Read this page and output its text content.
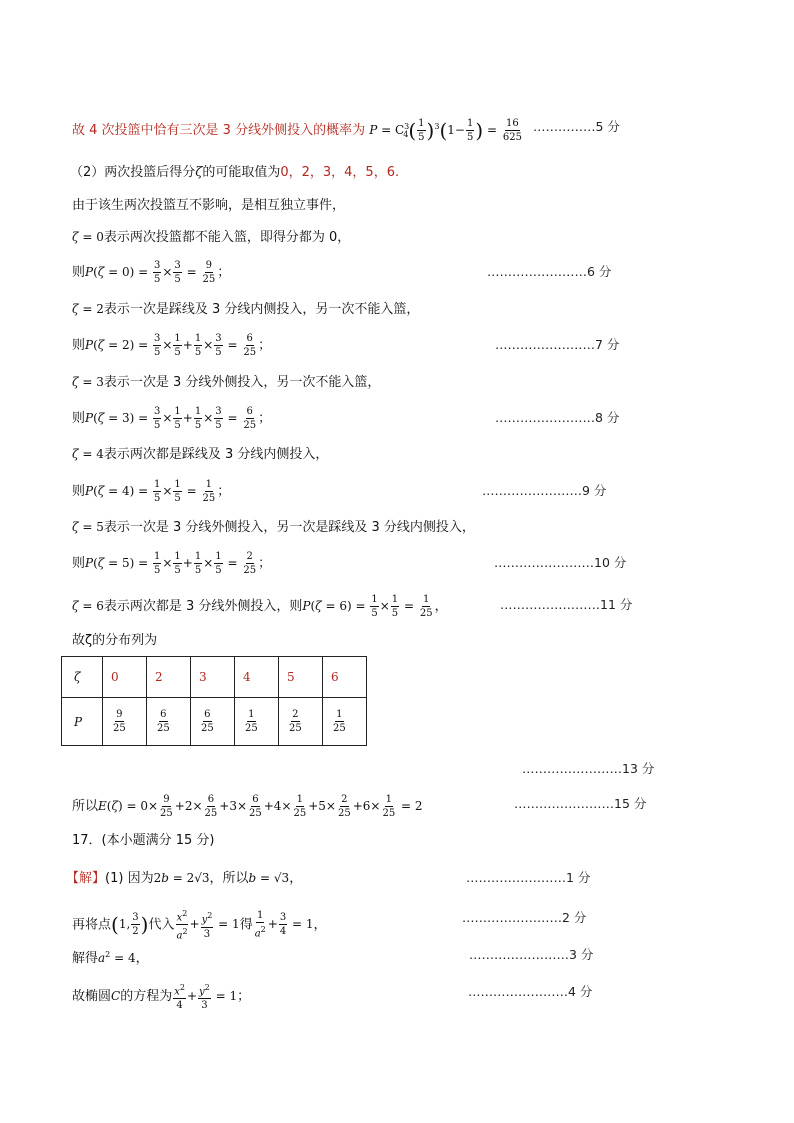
故 4 次投篮中恰有三次是 3 分线外侧投入的概率为 $P = C^3_4( \frac{1}{5} )^3(1- \frac{1}{5}$ ) = $\frac{16}{625}$ ……………5 分
（2）两次投篮后得分ζ的可能取值为0，2，3，4，5，6.
由于该生两次投篮互不影响，是相互独立事件，
ζ = 0表示两次投篮都不能入篮，即得分都为 0，
则$P(\zeta = 0) = \frac{3}{5} \times \frac{3}{5} = \frac{9}{25}$ ；	……………………6 分
ζ = 2表示一次是踩线及 3 分线内侧投入，另一次不能入篮，
则$P(\zeta = 2) = \frac{3}{5} \times \frac{1}{5} + \frac{1}{5} \times \frac{3}{5} = \frac{6}{25}$ ；	……………………7 分
ζ = 3表示一次是 3 分线外侧投入，另一次不能入篮，
则$P(\zeta = 3) = \frac{3}{5} \times \frac{1}{5} + \frac{1}{5} \times \frac{3}{5} = \frac{6}{25}$ ；	……………………8 分
ζ = 4表示两次都是踩线及 3 分线内侧投入，
则$P(\zeta = 4) = \frac{1}{5} \times \frac{1}{5} = \frac{1}{25}$ ；	……………………9 分
ζ = 5表示一次是 3 分线外侧投入，另一次是踩线及 3 分线内侧投入，
则$P(\zeta = 5) = \frac{1}{5} \times \frac{1}{5} + \frac{1}{5} \times \frac{1}{5} = \frac{2}{25}$ ；	……………………10 分
ζ = 6表示两次都是 3 分线外侧投入，则$P(\zeta = 6) = \frac{1}{5} \times \frac{1}{5} = \frac{1}{25}$ ，	……………………11 分
故ζ的分布列为
ζ	0	2	3	4	5	6
P	$\frac{9}{25}$	$\frac{6}{25}$	$\frac{6}{25}$	$\frac{1}{25}$	$\frac{2}{25}$	$\frac{1}{25}$
……………………13 分
所以$E(\zeta) = 0\times \frac{9}{25} +2\times \frac{6}{25} +3\times \frac{6}{25} +4\times \frac{1}{25} +5\times \frac{2}{25} +6\times \frac{1}{25} = 2$	……………………15 分
17．(本小题满分 15 分)
【解】(1) 因为2b = 2√3，所以b = √3，	……………………1 分
再将点(1, $\frac{3}{2}$ )代入 $\frac{x^2}{a^2} + \frac{y^2}{3} = 1$得 $\frac{1}{a^2} + \frac{3}{4} = 1$，	……………………2 分
解得$a^2 = 4$，	……………………3 分
故椭圆C的方程为 $\frac{x^2}{4} + \frac{y^2}{3} = 1$；	……………………4 分
